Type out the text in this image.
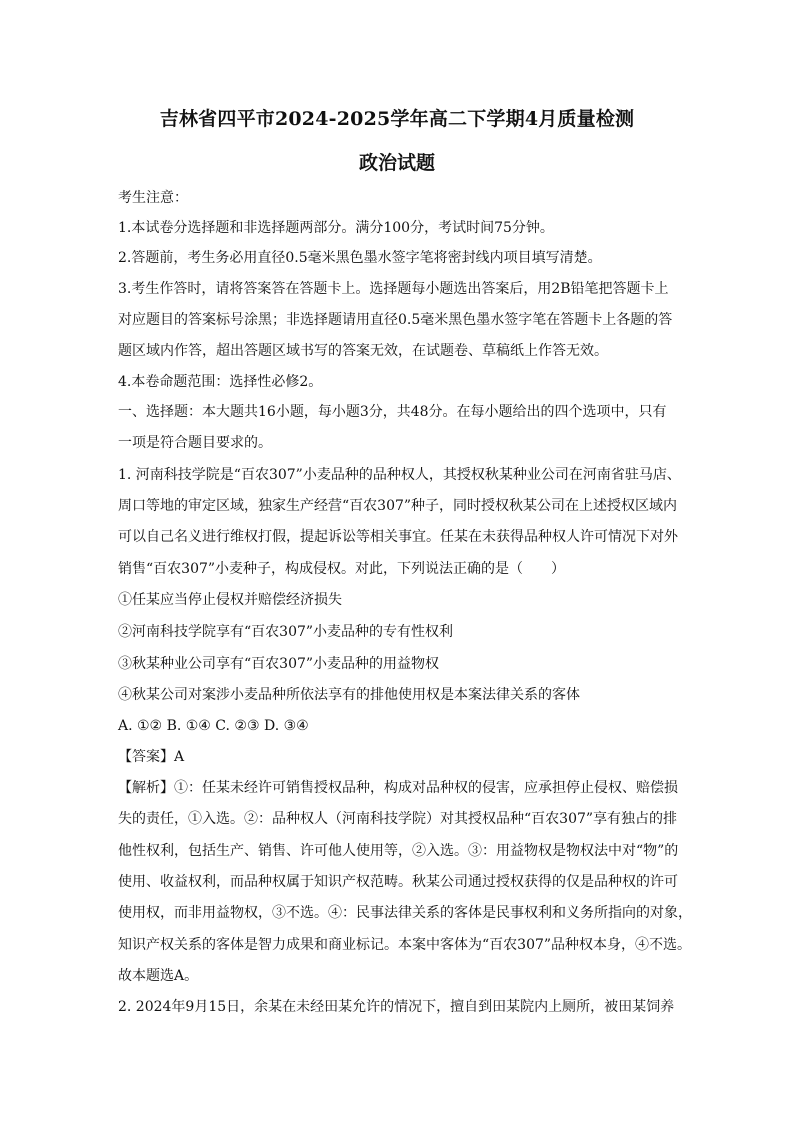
吉林省四平市2024-2025学年高二下学期4月质量检测
政治试题
考生注意：
1.本试卷分选择题和非选择题两部分。满分100分，考试时间75分钟。
2.答题前，考生务必用直径0.5毫米黑色墨水签字笔将密封线内项目填写清楚。
3.考生作答时，请将答案答在答题卡上。选择题每小题选出答案后，用2B铅笔把答题卡上
对应题目的答案标号涂黑；非选择题请用直径0.5毫米黑色墨水签字笔在答题卡上各题的答
题区域内作答，超出答题区域书写的答案无效，在试题卷、草稿纸上作答无效。
4.本卷命题范围：选择性必修2。
一、选择题：本大题共16小题，每小题3分，共48分。在每小题给出的四个选项中，只有
一项是符合题目要求的。
1. 河南科技学院是“百农307”小麦品种的品种权人，其授权秋某种业公司在河南省驻马店、
周口等地的审定区域，独家生产经营“百农307”种子，同时授权秋某公司在上述授权区域内
可以自己名义进行维权打假，提起诉讼等相关事宜。任某在未获得品种权人许可情况下对外
销售“百农307”小麦种子，构成侵权。对此，下列说法正确的是（　　）
①任某应当停止侵权并赔偿经济损失
②河南科技学院享有“百农307”小麦品种的专有性权利
③秋某种业公司享有“百农307”小麦品种的用益物权
④秋某公司对案涉小麦品种所依法享有的排他使用权是本案法律关系的客体
A. ①② B. ①④ C. ②③ D. ③④
【答案】A
【解析】①：任某未经许可销售授权品种，构成对品种权的侵害，应承担停止侵权、赔偿损
失的责任，①入选。②：品种权人（河南科技学院）对其授权品种“百农307”享有独占的排
他性权利，包括生产、销售、许可他人使用等，②入选。③：用益物权是物权法中对“物”的
使用、收益权利，而品种权属于知识产权范畴。秋某公司通过授权获得的仅是品种权的许可
使用权，而非用益物权，③不选。④：民事法律关系的客体是民事权利和义务所指向的对象，
知识产权关系的客体是智力成果和商业标记。本案中客体为“百农307”品种权本身，④不选。
故本题选A。
2. 2024年9月15日，余某在未经田某允许的情况下，擅自到田某院内上厕所，被田某饲养
